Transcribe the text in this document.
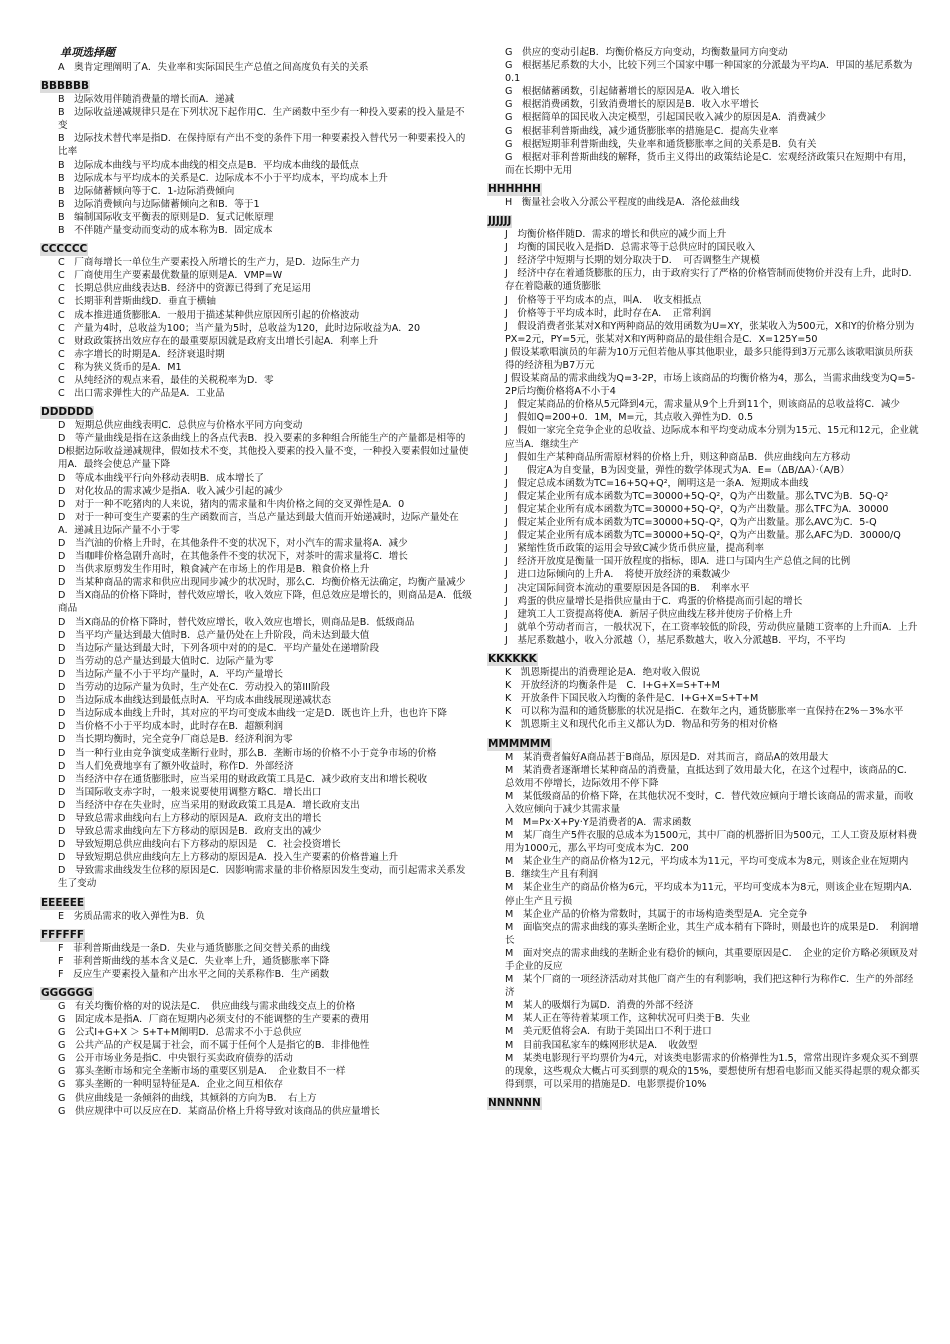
单项选择题
A　奥肯定理阐明了A．失业率和实际国民生产总值之间高度负有关的关系
BBBBBB
B　边际效用伴随消费量的增长而A．递减
B　边际收益递减规律只是在下列状况下起作用C．生产函数中至少有一种投入要素的投入量是不变
B　边际技术替代率是指D．在保持原有产出不变的条件下用一种要素投入替代另一种要素投入的比率
B　边际成本曲线与平均成本曲线的相交点是B．平均成本曲线的最低点
B　边际成本与平均成本的关系是C．边际成本不小于平均成本，平均成本上升
B　边际储蓄倾向等于C．1-边际消费倾向
B　边际消费倾向与边际储蓄倾向之和B．等于1
B　编制国际收支平衡表的原则是D．复式记帐原理
B　不伴随产量变动而变动的成本称为B．固定成本
CCCCCC
C　厂商每增长一单位生产要素投入所增长的生产力，是D．边际生产力
C　厂商使用生产要素最优数量的原则是A．VMP=W
C　长期总供应曲线表达B．经济中的资源已得到了充足运用
C　长期菲利普斯曲线D．垂直于横轴
C　成本推进通货膨胀A．一般用于描述某种供应原因所引起的价格波动
C　产量为4时，总收益为100；当产量为5时，总收益为120，此时边际收益为A．20
C　财政政策挤出效应存在的最重要原因就是政府支出增长引起A．利率上升
C　赤字增长的时期是A．经济衰退时期
C　称为狭义货币的是A．M1
C　从纯经济的观点来看，最佳的关税税率为D．零
C　出口需求弹性大的产品是A．工业品
DDDDDD
D　短期总供应曲线表明C．总供应与价格水平同方向变动
D　等产量曲线是指在这条曲线上的各点代表B．投入要素的多种组合所能生产的产量都是相等的
D根据边际收益递减规律，假如技术不变，其他投入要素的投入量不变，一种投入要素假如过量使用A．最终会使总产量下降
D　等成本曲线平行向外移动表明B．成本增长了
D　对化妆品的需求减少是指A．收入减少引起的减少
D　对于一种不吃猪肉的人来说，猪肉的需求量和牛肉价格之间的交叉弹性是A．0
D　对于一种可变生产要素的生产函数而言，当总产量达到最大值而开始递减时，边际产量处在A．递减且边际产量不小于零
D　当汽油的价格上升时，在其他条件不变的状况下，对小汽车的需求量将A．减少
D　当咖啡价格急剧升高时，在其他条件不变的状况下，对茶叶的需求量将C．增长
D　当供求原剪发生作用时，粮食减产在市场上的作用是B．粮食价格上升
D　当某种商品的需求和供应出现同步减少的状况时，那么C．均衡价格无法确定，均衡产量减少
D　当X商品的价格下降时，替代效应增长，收入效应下降，但总效应是增长的，则商品是A．低级商品
D　当X商品的价格下降时，替代效应增长，收入效应也增长，则商品是B．低级商品
D　当平均产量达到最大值时B．总产量仍处在上升阶段，尚未达到最大值
D　当边际产量达到最大时，下列各项中对的的是C．平均产量处在递增阶段
D　当劳动的总产量达到最大值时C．边际产量为零
D　当边际产量不小于平均产量时，A．平均产量增长
D　当劳动的边际产量为负时，生产处在C．劳动投入的第III阶段
D　当边际成本曲线达到最低点时A．平均成本曲线展现递减状态
D　当边际成本曲线上升时，其对应的平均可变成本曲线一定是D．既也许上升，也也许下降
D　当价格不小于平均成本时，此时存在B．超额利润
D　当长期均衡时，完全竞争厂商总是B．经济利润为零
D　当一种行业由竞争演变成垄断行业时，那么B．垄断市场的价格不小于竞争市场的价格
D　当人们免费地享有了额外收益时，称作D．外部经济
D　当经济中存在通货膨胀时，应当采用的财政政策工具是C．减少政府支出和增长税收
D　当国际收支赤字时，一般来说要使用调整方略C．增长出口
D　当经济中存在失业时，应当采用的财政政策工具是A．增长政府支出
D　导致总需求曲线向右上方移动的原因是A．政府支出的增长
D　导致总需求曲线向左下方移动的原因是B．政府支出的减少
D　导致短期总供应曲线向右下方移动的原因是　C．社会投资增长
D　导致短期总供应曲线向左上方移动的原因是A．投入生产要素的价格普遍上升
D　导致需求曲线发生位移的原因是C．因影响需求量的非价格原因发生变动，而引起需求关系发生了变动
EEEEEE
E　劣质品需求的收入弹性为B．负
FFFFFF
F　菲利普斯曲线是一条D．失业与通货膨胀之间交替关系的曲线
F　菲利普斯曲线的基本含义是C．失业率上升，通货膨胀率下降
F　反应生产要素投入量和产出水平之间的关系称作B．生产函数
GGGGGG
G　有关均衡价格的对的说法是C．　供应曲线与需求曲线交点上的价格
G　固定成本是指A．厂商在短期内必须支付的不能调整的生产要素的费用
G　公式I+G+X ＞ S+T+M阐明D．总需求不小于总供应
G　公共产品的产权是属于社会，而不属于任何个人是指它的B．非排他性
G　公开市场业务是指C．中央银行买卖政府债券的活动
G　寡头垄断市场和完全垄断市场的重要区别是A．　企业数目不一样
G　寡头垄断的一种明显特征是A．企业之间互相依存
G　供应曲线是一条倾斜的曲线，其倾斜的方向为B．　右上方
G　供应规律中可以反应在D．某商品价格上升将导致对该商品的供应量增长
G　供应的变动引起B．均衡价格反方向变动，均衡数量同方向变动
G　根据基尼系数的大小，比较下列三个国家中哪一种国家的分派最为平均A．甲国的基尼系数为0.1
G　根据储蓄函数，引起储蓄增长的原因是A．收入增长
G　根据消费函数，引致消费增长的原因是B．收入水平增长
G　根据简单的国民收入决定模型，引起国民收入减少的原因是A．消费减少
G　根据菲利普斯曲线，减少通货膨胀率的措施是C．提高失业率
G　根据短期菲利普斯曲线，失业率和通货膨胀率之间的关系是B．负有关
G　根据对菲利普斯曲线的解释，货币主义得出的政策结论是C．宏观经济政策只在短期中有用，而在长期中无用
HHHHHH
H　衡量社会收入分派公平程度的曲线是A．洛伦兹曲线
JJJJJJ
J　均衡价格伴随D．需求的增长和供应的减少而上升
J　均衡的国民收入是指D．总需求等于总供应时的国民收入
J　经济学中短期与长期的划分取决于D．　可否调整生产规模
J　经济中存在着通货膨胀的压力，由于政府实行了严格的价格管制而使物价并没有上升，此时D．存在着隐蔽的通货膨胀
J　价格等于平均成本的点，叫A．　收支相抵点
J　价格等于平均成本时，此时存在A．　正常利润
J　假设消费者张某对X和Y两种商品的效用函数为U=XY，张某收入为500元，X和Y的价格分别为PX=2元，PY=5元，张某对X和Y两种商品的最佳组合是C．X=125Y=50
J 假设某歌唱演员的年薪为10万元但若他从事其他职业，最多只能得到3万元那么该歌唱演员所获得的经济租为B7万元
J 假设某商品的需求曲线为Q=3-2P，市场上该商品的均衡价格为4，那么，当需求曲线变为Q=5-2P后均衡价格将A不小于4
J　假定某商品的价格从5元降到4元，需求量从9个上升到11个，则该商品的总收益将C．减少
J　假如Q=200+0．1M，M=元，其点收入弹性为D．0.5
J　假如一家完全竞争企业的总收益、边际成本和平均变动成本分别为15元、15元和12元，企业就应当A．继续生产
J　假如生产某种商品所需原材料的价格上升，则这种商品B．供应曲线向左方移动
J　　假定A为自变量，B为因变量，弹性的数学体现式为A．E=（ΔB/ΔA）·（A/B）
J　假定总成本函数为TC=16+5Q+Q²，阐明这是一条A．短期成本曲线
J　假定某企业所有成本函数为TC=30000+5Q-Q²，Q为产出数量。那么TVC为B．5Q-Q²
J　假定某企业所有成本函数为TC=30000+5Q-Q²，Q为产出数量。那么TFC为A．30000
J　假定某企业所有成本函数为TC=30000+5Q-Q²，Q为产出数量。那么AVC为C．5-Q
J　假定某企业所有成本函数为TC=30000+5Q-Q²，Q为产出数量。那么AFC为D．30000/Q
J　紧缩性货币政策的运用会导致C减少货币供应量，提高利率
J　经济开放度是衡量一国开放程度的指标，即A．进口与国内生产总值之间的比例
J　进口边际倾向的上升A．　将使开放经济的乘数减少
J　决定国际间资本流动的重要原因是各国的B．　利率水平
J　鸡蛋的供应量增长是指供应量由于C．鸡蛋的价格提高而引起的增长
J　建筑工人工资提高将使A．新居子供应曲线左移并使房子价格上升
J　就单个劳动者而言，一般状况下，在工资率较低的阶段，劳动供应量随工资率的上升而A．上升
J　基尼系数越小，收入分派越（），基尼系数越大，收入分派越B．平均，不平均
KKKKKK
K　凯恩斯提出的消费理论是A．绝对收入假说
K　开放经济的均衡条件是　C．I+G+X=S+T+M
K　开放条件下国民收入均衡的条件是C．I+G+X=S+T+M
K　可以称为温和的通货膨胀的状况是指C．在数年之内，通货膨胀率一直保持在2%－3%水平
K　凯恩斯主义和现代化币主义都认为D．物品和劳务的相对价格
MMMMMM
M　某消费者偏好A商品甚于B商品，原因是D．对其而言，商品A的效用最大
M　某消费者逐渐增长某种商品的消费量，直抵达到了效用最大化，在这个过程中，该商品的C．总效用不停增长，边际效用不停下降
M　某低级商品的价格下降，在其他状况不变时，C．替代效应倾向于增长该商品的需求量，而收入效应倾向于减少其需求量
M　M=Px·X+Py·Y是消费者的A．需求函数
M　某厂商生产5件衣服的总成本为1500元，其中厂商的机器折旧为500元，工人工资及原材料费用为1000元，那么平均可变成本为C．200
M　某企业生产的商品价格为12元，平均成本为11元，平均可变成本为8元，则该企业在短期内B．继续生产且有利润
M　某企业生产的商品价格为6元，平均成本为11元，平均可变成本为8元，则该企业在短期内A．停止生产且亏损
M　某企业产品的价格为常数时，其属于的市场构造类型是A．完全竞争
M　面临突点的需求曲线的寡头垄断企业，其生产成本稍有下降时，则最也许的成果是D．　利润增长
M　面对突点的需求曲线的垄断企业有稳价的倾向，其重要原因是C．　企业的定价方略必须顾及对手企业的反应
M　某个厂商的一项经济活动对其他厂商产生的有利影响，我们把这种行为称作C．生产的外部经济
M　某人的吸烟行为属D．消费的外部不经济
M　某人正在等待着某项工作，这种状况可归类于B．失业
M　美元贬值将会A．有助于美国出口不利于进口
M　目前我国私家车的蛛网形状是A．　收敛型
M　某类电影现行平均票价为4元，对该类电影需求的价格弹性为1.5，常常出现许多观众买不到票的现象，这些观众大概占可买到票的观众的15%，要想使所有想看电影而又能买得起票的观众都买得到票，可以采用的措施是D．电影票提价10%
NNNNNN
